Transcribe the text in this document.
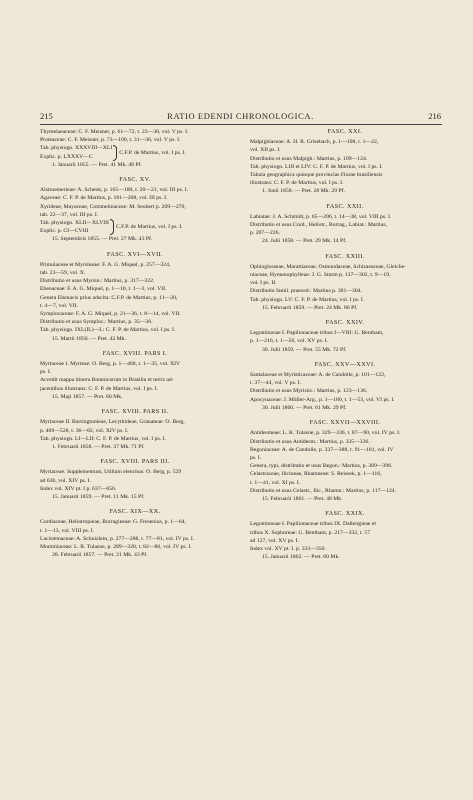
215	RATIO EDENDI CHRONOLOGICA.	216
Thymelaeaceae: C. F. Meisner, p. 61—72, t. 23—30, vol. V ps. I.
Proteaceae: C. F. Meisner, p. 73—100, t. 31—36, vol. V ps. I.
Tab. physiogn. XXXVIII—XLI
Explic. p. LXXXV—C
C.F.P. de Martius, vol. I ps. I.
1. Januarii 1855. — Pret. 41 Mk. 48 Pf.
FASC. XV.
Alstroemerieae: A. Schenk, p. 165—180, t. 20—21, vol. III ps. I.
Agaveae: C. F. P. de Martius, p. 181—208, vol. III ps. I.
Xyrideae, Mayaceae, Commelinaceae: M. Seubert p. 209—270,
tab. 22—37, vol. III ps. I.
Tab. physiogn. XLII—XLVIII
Explic. p. CI—CVIII
C.F.P. de Martius, vol. I ps. I.
15. Septembris 1855. — Pret. 27 Mk. 43 Pf.
FASC. XVI—XVII.
Primulaceae et Myrsineae: F. A. G. Miquel, p. 257—324,
tab. 23—59, vol. X.
Distributio et usus Myrsin.: Martius, p. 317—322.
Ebenaceae: F. A. G. Miquel, p. 1—10, t. 1—3, vol. VII.
Genera Ebenacis prius adscita: C.F.P. de Martius, p. 11—20,
t. 4—7, vol. VII.
Symplocaceae: F. A. G. Miquel, p. 21—36, t. 8—14, vol. VII.
Distributio et usus Symploc.: Martius, p. 35—36.
Tab. physiogn. IXL(IL)—L: C. F. P. de Martius, vol. I ps. I.
15. Martii 1856. — Pret. 42 Mk.
FASC. XVIII. PARS I.
Myrtaceae I. Myrteae: O. Berg, p. 1—468, t. 1—35, vol. XIV
ps. I.
Accedit mappa itinera Botanicorum in Brasilia et terris ad-
jacentibus illustrans: C. F. P. de Martius, vol. I ps. I.
15. Maji 1857. — Pret. 60 Mk.
FASC. XVIII. PARS II.
Myrtaceae II. Barringtonieae, Lecythideae, Granateae: O. Berg,
p. 469—528, t. 36—82, vol. XIV ps. I.
Tab. physiogn. LI—LII: C. F. P. de Martius, vol. I ps. I.
1. Februarii 1858. — Pret. 37 Mk. 71 Pf.
FASC. XVIII. PARS III.
Myrtaceae. Supplementum, Utilium elenchus: O. Berg, p. 529
ad 636, vol. XIV ps. I.
Index vol. XIV pt. I p. 637—656.
15. Januarii 1859. — Pret. 11 Mk. 15 Pf.
FASC. XIX—XX.
Cordiaceae, Heliotropieae, Borragineae: G. Fresenius, p. 1—64,
t. 1—13, vol. VIII ps. I.
Lacistemaceae: A. Schnizlein, p. 277—288, t. 77—81, vol. IV ps. I.
Monimiaceae: L. R. Tulasne, p. 289—328, t. 82—86, vol. IV ps. I.
28. Februarii 1857. — Pret. 21 Mk. 43 Pf.
FASC. XXI.
Malpighiaceae: A. H. R. Grisebach, p. 1—108, t. 1—22,
vol. XII ps. I.
Distributio et usus Malpigh.: Martius, p. 109—124.
Tab. physiogn. LIII et LIV: C. F. P. de Martius, vol. I ps. I.
Tabula geographica quinque provincias Florae brasiliensis
illustrans: C. F. P. de Martius, vol. I ps. I.
1. Junii 1858. — Pret. 28 Mk. 29 Pf.
FASC. XXII.
Labiatae: J. A. Schmidt, p. 65—206, t. 14—38, vol. VIII ps. I.
Distributio et usus Cord., Heliotr., Borrag., Labiat.: Martius,
p. 207—226.
24. Julii 1858. — Pret. 29 Mk. 14 Pf.
FASC. XXIII.
Ophioglosseae, Marattiaceae, Osmundaceae, Schizaeaceae, Gleiche-
niaceae, Hymenophylleae: J. G. Sturm p. 137—302, t. 9—19,
vol. I ps. II.
Distributio famil. praeced.: Martius p. 301—304.
Tab. physiogn. LV: C. F. P. de Martius, vol. I ps. I.
15. Februarii 1859. — Pret. 24 Mk. 86 Pf.
FASC. XXIV.
Leguminosae I. Papilionaceae tribus I—VIII: G. Bentham,
p. 1—216, t. 1—56, vol. XV ps. I.
30. Julii 1859. — Pret. 55 Mk. 72 Pf.
FASC. XXV—XXVI.
Santalaceae et Myristicaceae: A. de Candolle, p. 101—122,
t. 37—44, vol. V ps. I.
Distributio et usus Myristic.: Martius, p. 123—136.
Apocynaceae: J. Müller-Arg., p. 1—180, t. 1—53, vol. VI ps. I.
30. Julii 1860. — Pret. 61 Mk. 29 Pf.
FASC. XXVII—XXVIII.
Antidesmeae: L. R. Tulasne, p. 329—336, t. 87—90, vol. IV ps. I.
Distributio et usus Antidesm.: Martius, p. 335—336.
Begoniaceae: A. de Candolle, p. 337—388, t. 91—101, vol. IV
ps. I.
Genera, typi, distributio et usus Begon.: Martius, p. 389—396.
Celastraceae, Ilicineae, Rhamneae: S. Reissek, p. 1—116,
t. 1—41, vol. XI ps. I.
Distributio et usus Celastr., Ilic., Rhamn.: Martius, p. 117—124.
15. Februarii 1861. — Pret. 48 Mk.
FASC. XXIX.
Leguminosae I. Papilionaceae tribus IX. Dalbergieae et
tribus X. Sophoreae: G. Bentham, p. 217—332, t. 57
ad 127, vol. XV ps. I.
Index vol. XV pt. I. p. 333—350.
15. Januarii 1862. — Pret. 60 Mk.
